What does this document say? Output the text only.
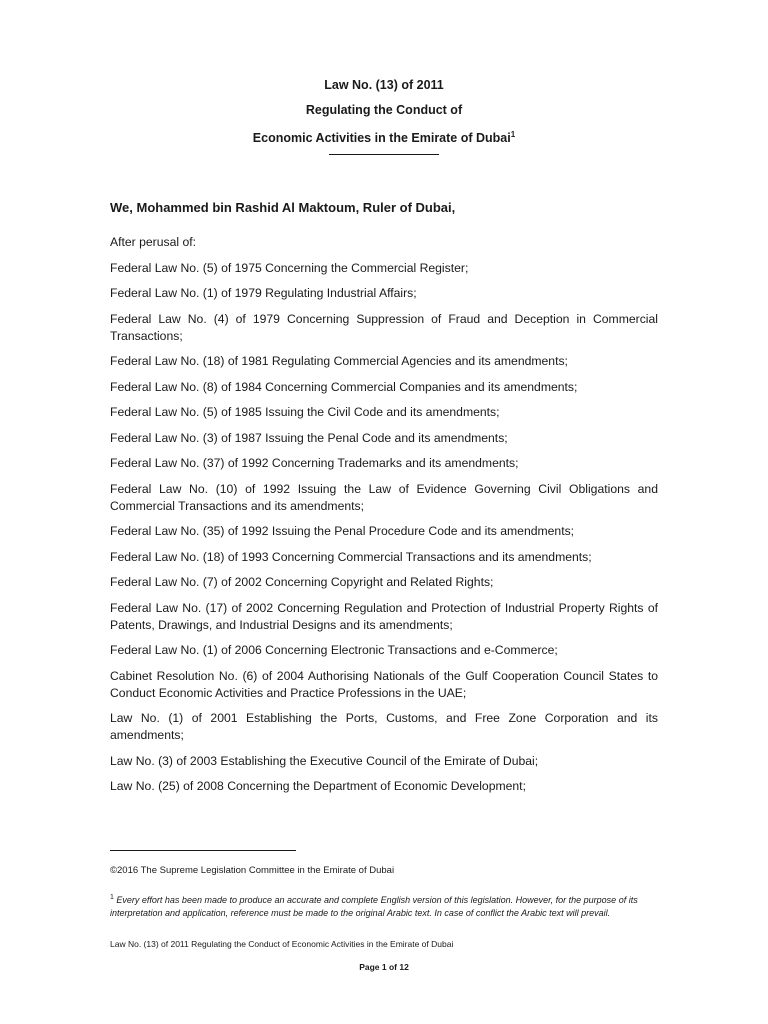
Law No. (13) of 2011
Regulating the Conduct of
Economic Activities in the Emirate of Dubai$^1$
We, Mohammed bin Rashid Al Maktoum, Ruler of Dubai,

After perusal of:

Federal Law No. (5) of 1975 Concerning the Commercial Register;

Federal Law No. (1) of 1979 Regulating Industrial Affairs;

Federal Law No. (4) of 1979 Concerning Suppression of Fraud and Deception in Commercial Transactions;

Federal Law No. (18) of 1981 Regulating Commercial Agencies and its amendments;

Federal Law No. (8) of 1984 Concerning Commercial Companies and its amendments;

Federal Law No. (5) of 1985 Issuing the Civil Code and its amendments;

Federal Law No. (3) of 1987 Issuing the Penal Code and its amendments;

Federal Law No. (37) of 1992 Concerning Trademarks and its amendments;

Federal Law No. (10) of 1992 Issuing the Law of Evidence Governing Civil Obligations and Commercial Transactions and its amendments;

Federal Law No. (35) of 1992 Issuing the Penal Procedure Code and its amendments;

Federal Law No. (18) of 1993 Concerning Commercial Transactions and its amendments;

Federal Law No. (7) of 2002 Concerning Copyright and Related Rights;

Federal Law No. (17) of 2002 Concerning Regulation and Protection of Industrial Property Rights of Patents, Drawings, and Industrial Designs and its amendments;

Federal Law No. (1) of 2006 Concerning Electronic Transactions and e-Commerce;

Cabinet Resolution No. (6) of 2004 Authorising Nationals of the Gulf Cooperation Council States to Conduct Economic Activities and Practice Professions in the UAE;

Law No. (1) of 2001 Establishing the Ports, Customs, and Free Zone Corporation and its amendments;

Law No. (3) of 2003 Establishing the Executive Council of the Emirate of Dubai;

Law No. (25) of 2008 Concerning the Department of Economic Development;

©2016 The Supreme Legislation Committee in the Emirate of Dubai
$^1$ Every effort has been made to produce an accurate and complete English version of this legislation. However, for the purpose of its interpretation and application, reference must be made to the original Arabic text. In case of conflict the Arabic text will prevail.
Law No. (13) of 2011 Regulating the Conduct of Economic Activities in the Emirate of Dubai
Page 1 of 12
